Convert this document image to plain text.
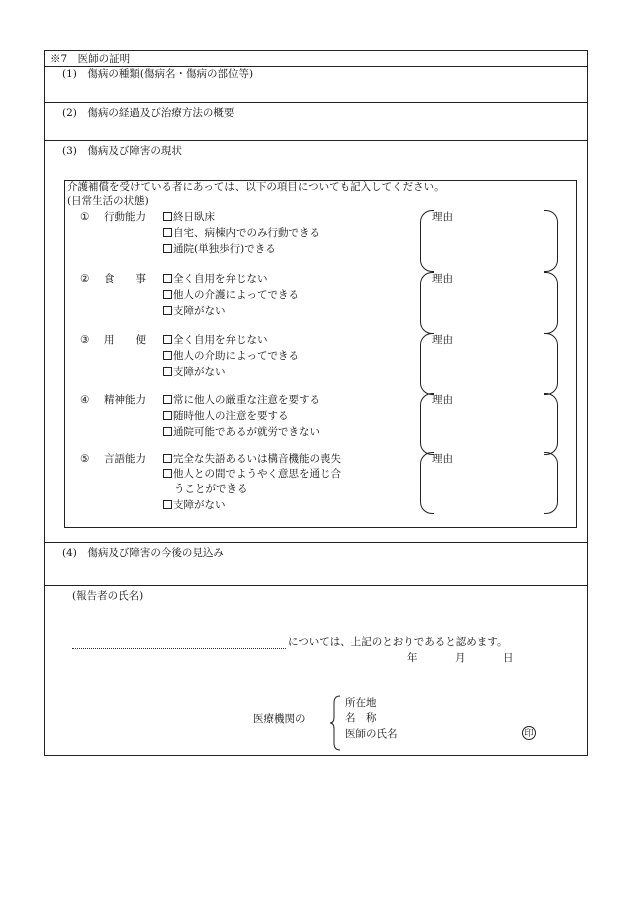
※7　医師の証明
(1)　傷病の種類(傷病名・傷病の部位等)
(2)　傷病の経過及び治療方法の概要
(3)　傷病及び障害の現状
介護補償を受けている者にあっては、以下の項目についても記入してください。
(日常生活の状態)
① 行動能力	終日臥床
自宅、病棟内でのみ行動できる
通院(単独歩行)できる
理由
② 食　　事	全く自用を弁じない
他人の介護によってできる
支障がない
理由
③ 用　　便	全く自用を弁じない
他人の介助によってできる
支障がない
理由
④ 精神能力	常に他人の厳重な注意を要する
随時他人の注意を要する
通院可能であるが就労できない
理由
⑤ 言語能力	完全な失語あるいは構音機能の喪失
他人との間でようやく意思を通じ合
うことができる
支障がない
理由
(4)　傷病及び障害の今後の見込み
(報告者の氏名)
については、上記のとおりであると認めます。
年	月	日
医療機関の
所在地
名　称
医師の氏名	印
